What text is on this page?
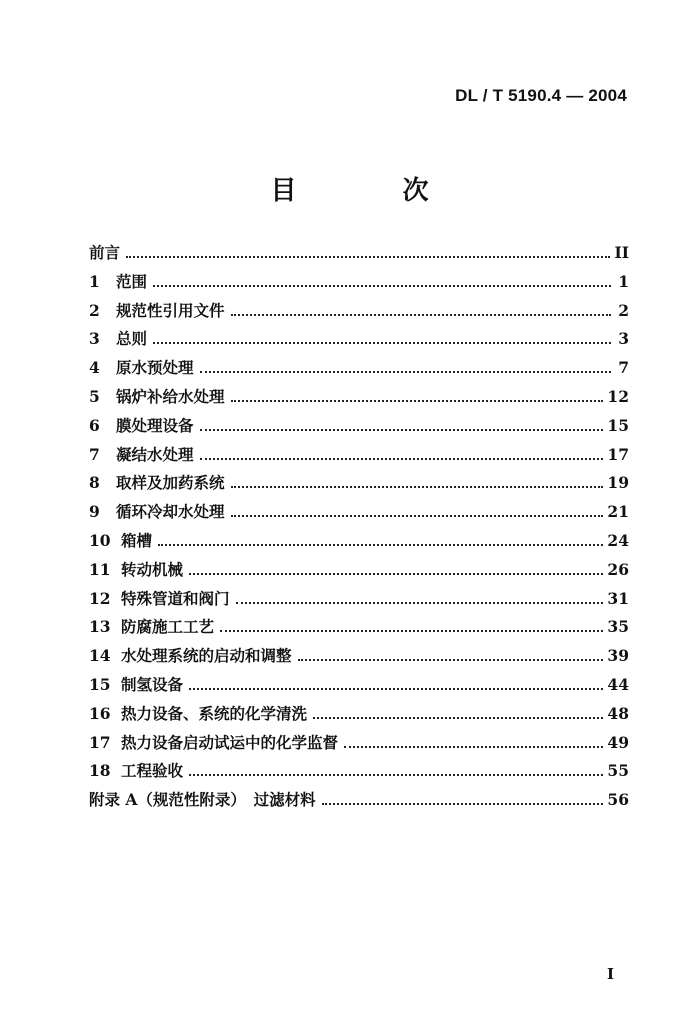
DL / T 5190.4 — 2004
目　次
前言	II
1	范围	1
2	规范性引用文件	2
3	总则	3
4	原水预处理	7
5	锅炉补给水处理	12
6	膜处理设备	15
7	凝结水处理	17
8	取样及加药系统	19
9	循环冷却水处理	21
10 箱槽	24
11 转动机械	26
12 特殊管道和阀门	31
13 防腐施工工艺	35
14 水处理系统的启动和调整	39
15 制氢设备	44
16 热力设备、系统的化学清洗	48
17 热力设备启动试运中的化学监督	49
18 工程验收	55
附录 A（规范性附录）　过滤材料	56
I
